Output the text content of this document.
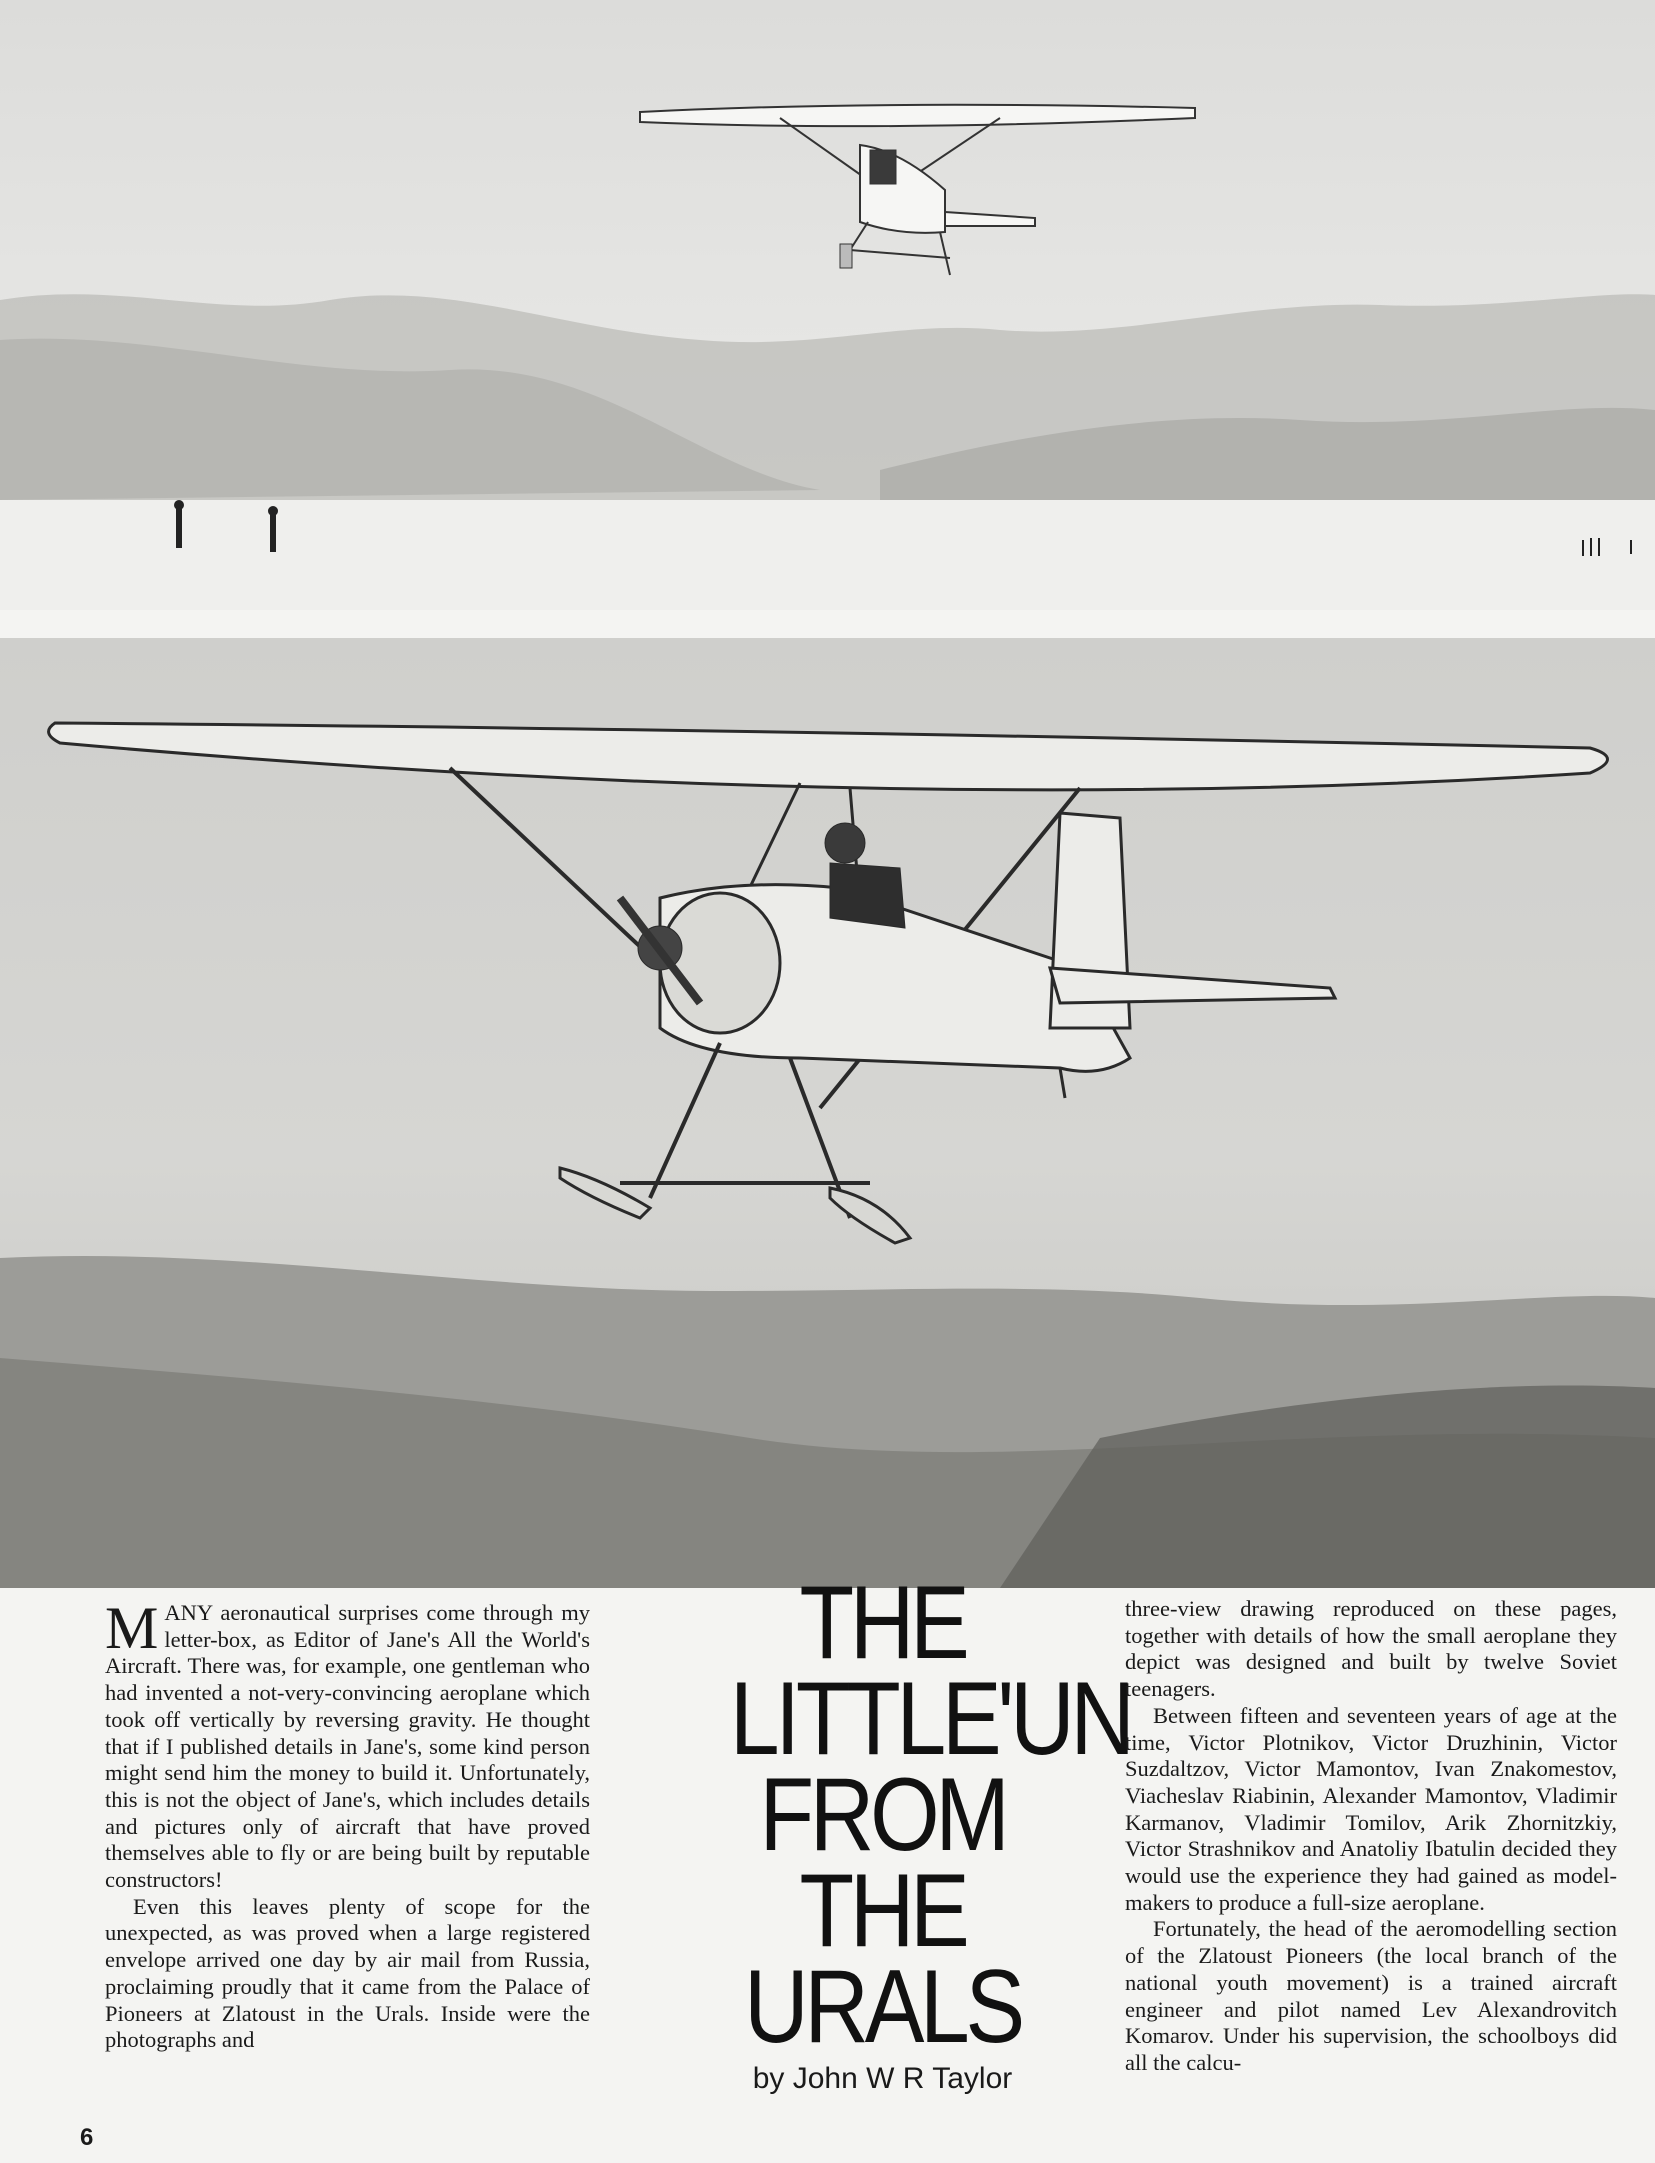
MANY aeronautical surprises come through my letter-box, as Editor of Jane's All the World's Aircraft. There was, for example, one gentleman who had invented a not-very-convincing aeroplane which took off vertically by reversing gravity. He thought that if I published details in Jane's, some kind person might send him the money to build it. Unfortunately, this is not the object of Jane's, which includes details and pictures only of aircraft that have proved themselves able to fly or are being built by reputable constructors!

Even this leaves plenty of scope for the unexpected, as was proved when a large registered envelope arrived one day by air mail from Russia, proclaiming proudly that it came from the Palace of Pioneers at Zlatoust in the Urals. Inside were the photographs and

THE
LITTLE'UN
FROM
THE
URALS
by John W R Taylor

three-view drawing reproduced on these pages, together with details of how the small aeroplane they depict was designed and built by twelve Soviet teenagers.

Between fifteen and seventeen years of age at the time, Victor Plotnikov, Victor Druzhinin, Victor Suzdaltzov, Victor Mamontov, Ivan Znakomestov, Viacheslav Riabinin, Alexander Mamontov, Vladimir Karmanov, Vladimir Tomilov, Arik Zhornitzkiy, Victor Strashnikov and Anatoliy Ibatulin decided they would use the experience they had gained as model-makers to produce a full-size aeroplane.

Fortunately, the head of the aeromodelling section of the Zlatoust Pioneers (the local branch of the national youth movement) is a trained aircraft engineer and pilot named Lev Alexandrovitch Komarov. Under his supervision, the schoolboys did all the calcu-

6
